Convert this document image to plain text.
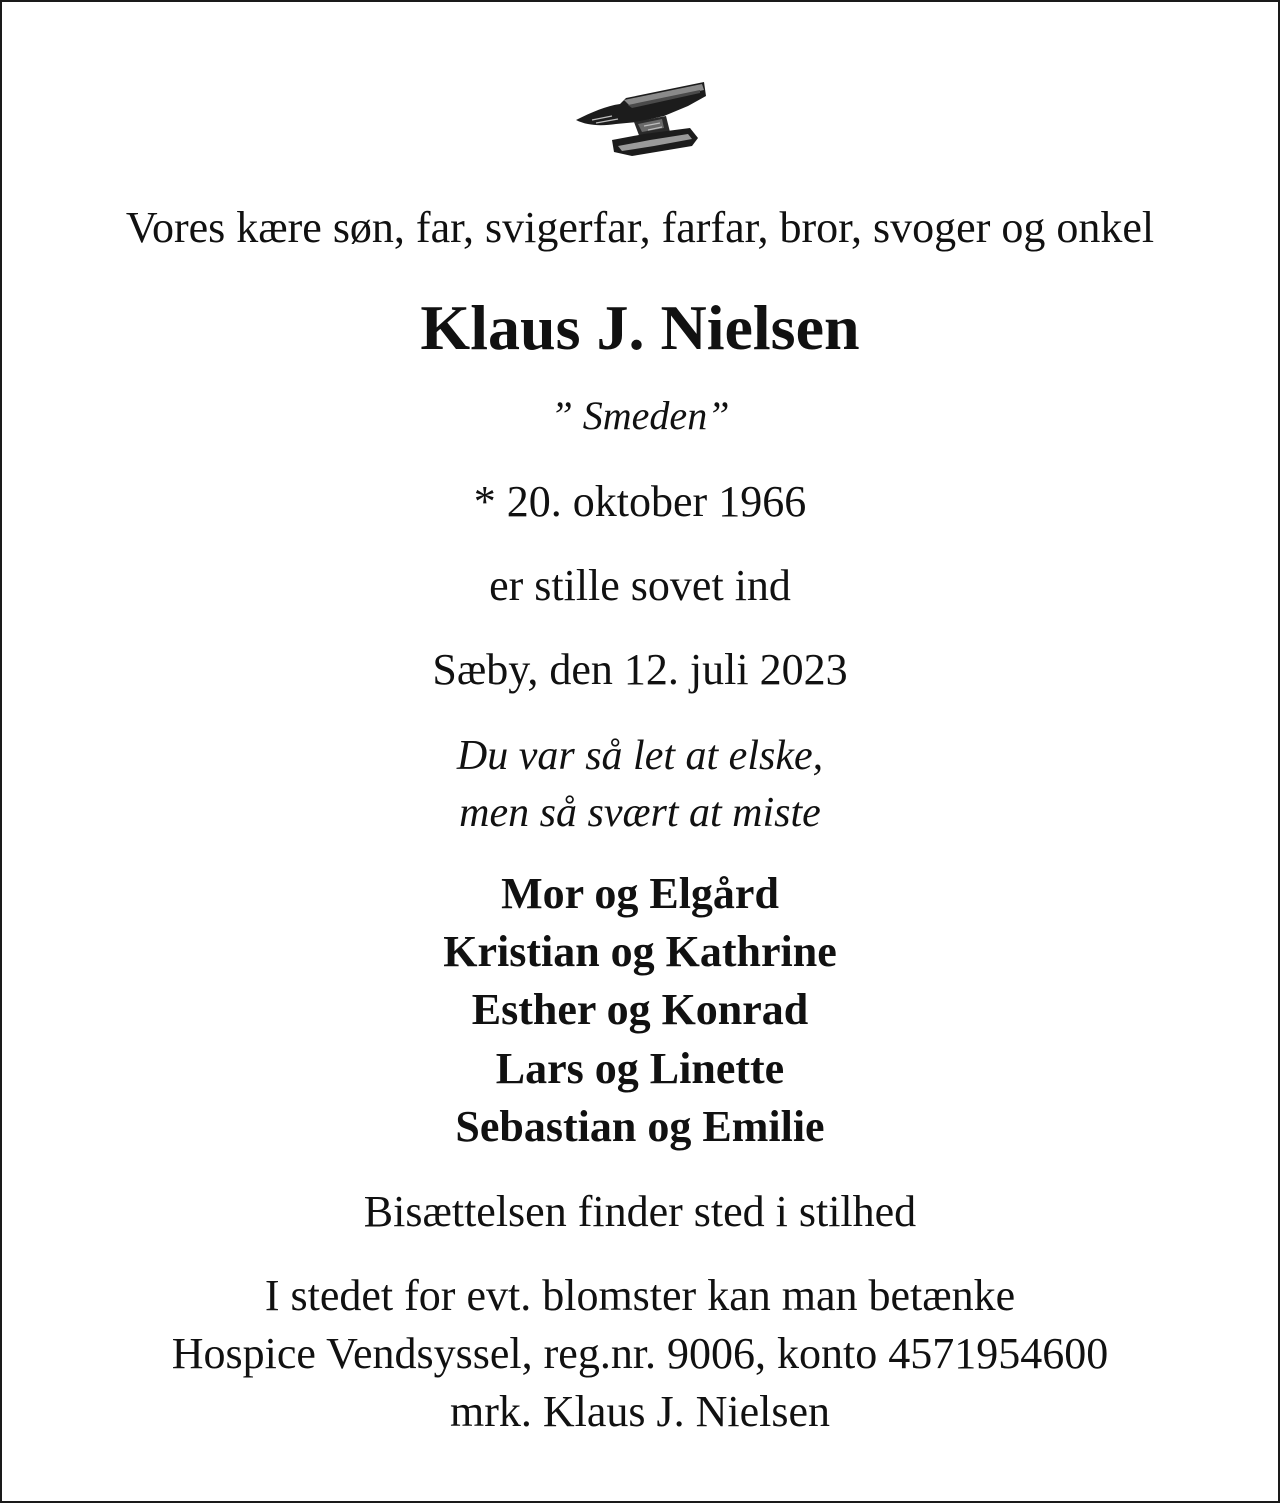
Vores kære søn, far, svigerfar, farfar, bror, svoger og onkel
Klaus J. Nielsen
” Smeden”
* 20. oktober 1966
er stille sovet ind
Sæby, den 12. juli 2023
Du var så let at elske,
men så svært at miste
Mor og Elgård
Kristian og Kathrine
Esther og Konrad
Lars og Linette
Sebastian og Emilie
Bisættelsen finder sted i stilhed
I stedet for evt. blomster kan man betænke
Hospice Vendsyssel, reg.nr. 9006, konto 4571954600
mrk. Klaus J. Nielsen
